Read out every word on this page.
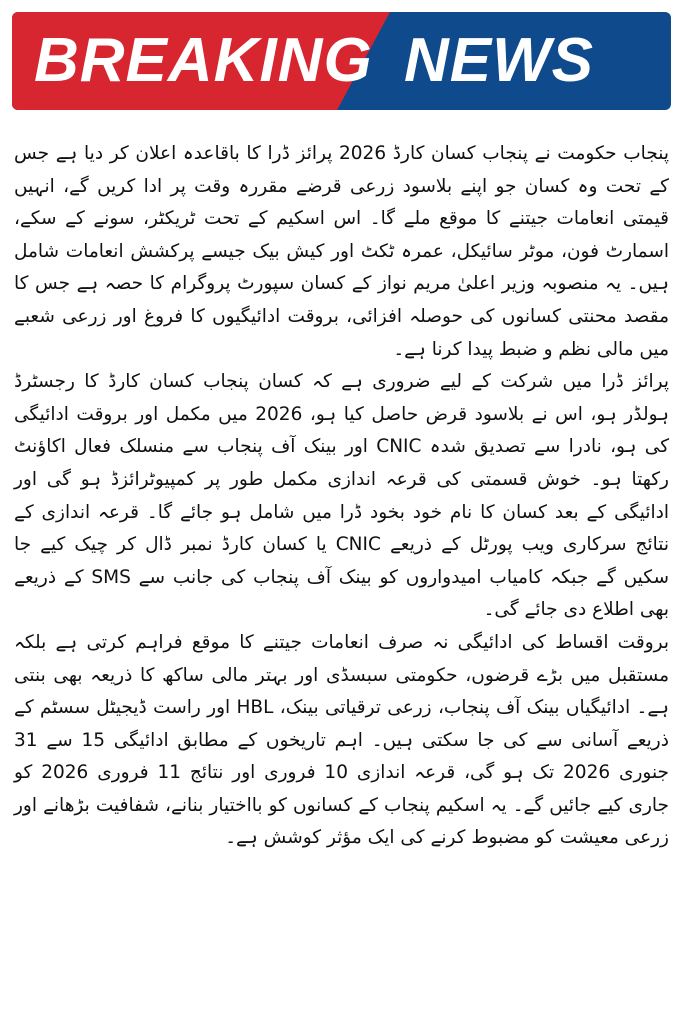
BREAKING NEWS

پنجاب حکومت نے پنجاب کسان کارڈ 2026 پرائز ڈرا کا باقاعدہ اعلان کر دیا ہے جس کے تحت وہ کسان جو اپنے بلاسود زرعی قرضے مقررہ وقت پر ادا کریں گے، انہیں قیمتی انعامات جیتنے کا موقع ملے گا۔ اس اسکیم کے تحت ٹریکٹر، سونے کے سکے، اسمارٹ فون، موٹر سائیکل، عمرہ ٹکٹ اور کیش بیک جیسے پرکشش انعامات شامل ہیں۔ یہ منصوبہ وزیر اعلیٰ مریم نواز کے کسان سپورٹ پروگرام کا حصہ ہے جس کا مقصد محنتی کسانوں کی حوصلہ افزائی، بروقت ادائیگیوں کا فروغ اور زرعی شعبے میں مالی نظم و ضبط پیدا کرنا ہے۔

پرائز ڈرا میں شرکت کے لیے ضروری ہے کہ کسان پنجاب کسان کارڈ کا رجسٹرڈ ہولڈر ہو، اس نے بلاسود قرض حاصل کیا ہو، 2026 میں مکمل اور بروقت ادائیگی کی ہو، نادرا سے تصدیق شدہ CNIC اور بینک آف پنجاب سے منسلک فعال اکاؤنٹ رکھتا ہو۔ خوش قسمتی کی قرعہ اندازی مکمل طور پر کمپیوٹرائزڈ ہو گی اور ادائیگی کے بعد کسان کا نام خود بخود ڈرا میں شامل ہو جائے گا۔ قرعہ اندازی کے نتائج سرکاری ویب پورٹل کے ذریعے CNIC یا کسان کارڈ نمبر ڈال کر چیک کیے جا سکیں گے جبکہ کامیاب امیدواروں کو بینک آف پنجاب کی جانب سے SMS کے ذریعے بھی اطلاع دی جائے گی۔

بروقت اقساط کی ادائیگی نہ صرف انعامات جیتنے کا موقع فراہم کرتی ہے بلکہ مستقبل میں بڑے قرضوں، حکومتی سبسڈی اور بہتر مالی ساکھ کا ذریعہ بھی بنتی ہے۔ ادائیگیاں بینک آف پنجاب، زرعی ترقیاتی بینک، HBL اور راست ڈیجیٹل سسٹم کے ذریعے آسانی سے کی جا سکتی ہیں۔ اہم تاریخوں کے مطابق ادائیگی 15 سے 31 جنوری 2026 تک ہو گی، قرعہ اندازی 10 فروری اور نتائج 11 فروری 2026 کو جاری کیے جائیں گے۔ یہ اسکیم پنجاب کے کسانوں کو بااختیار بنانے، شفافیت بڑھانے اور زرعی معیشت کو مضبوط کرنے کی ایک مؤثر کوشش ہے۔
